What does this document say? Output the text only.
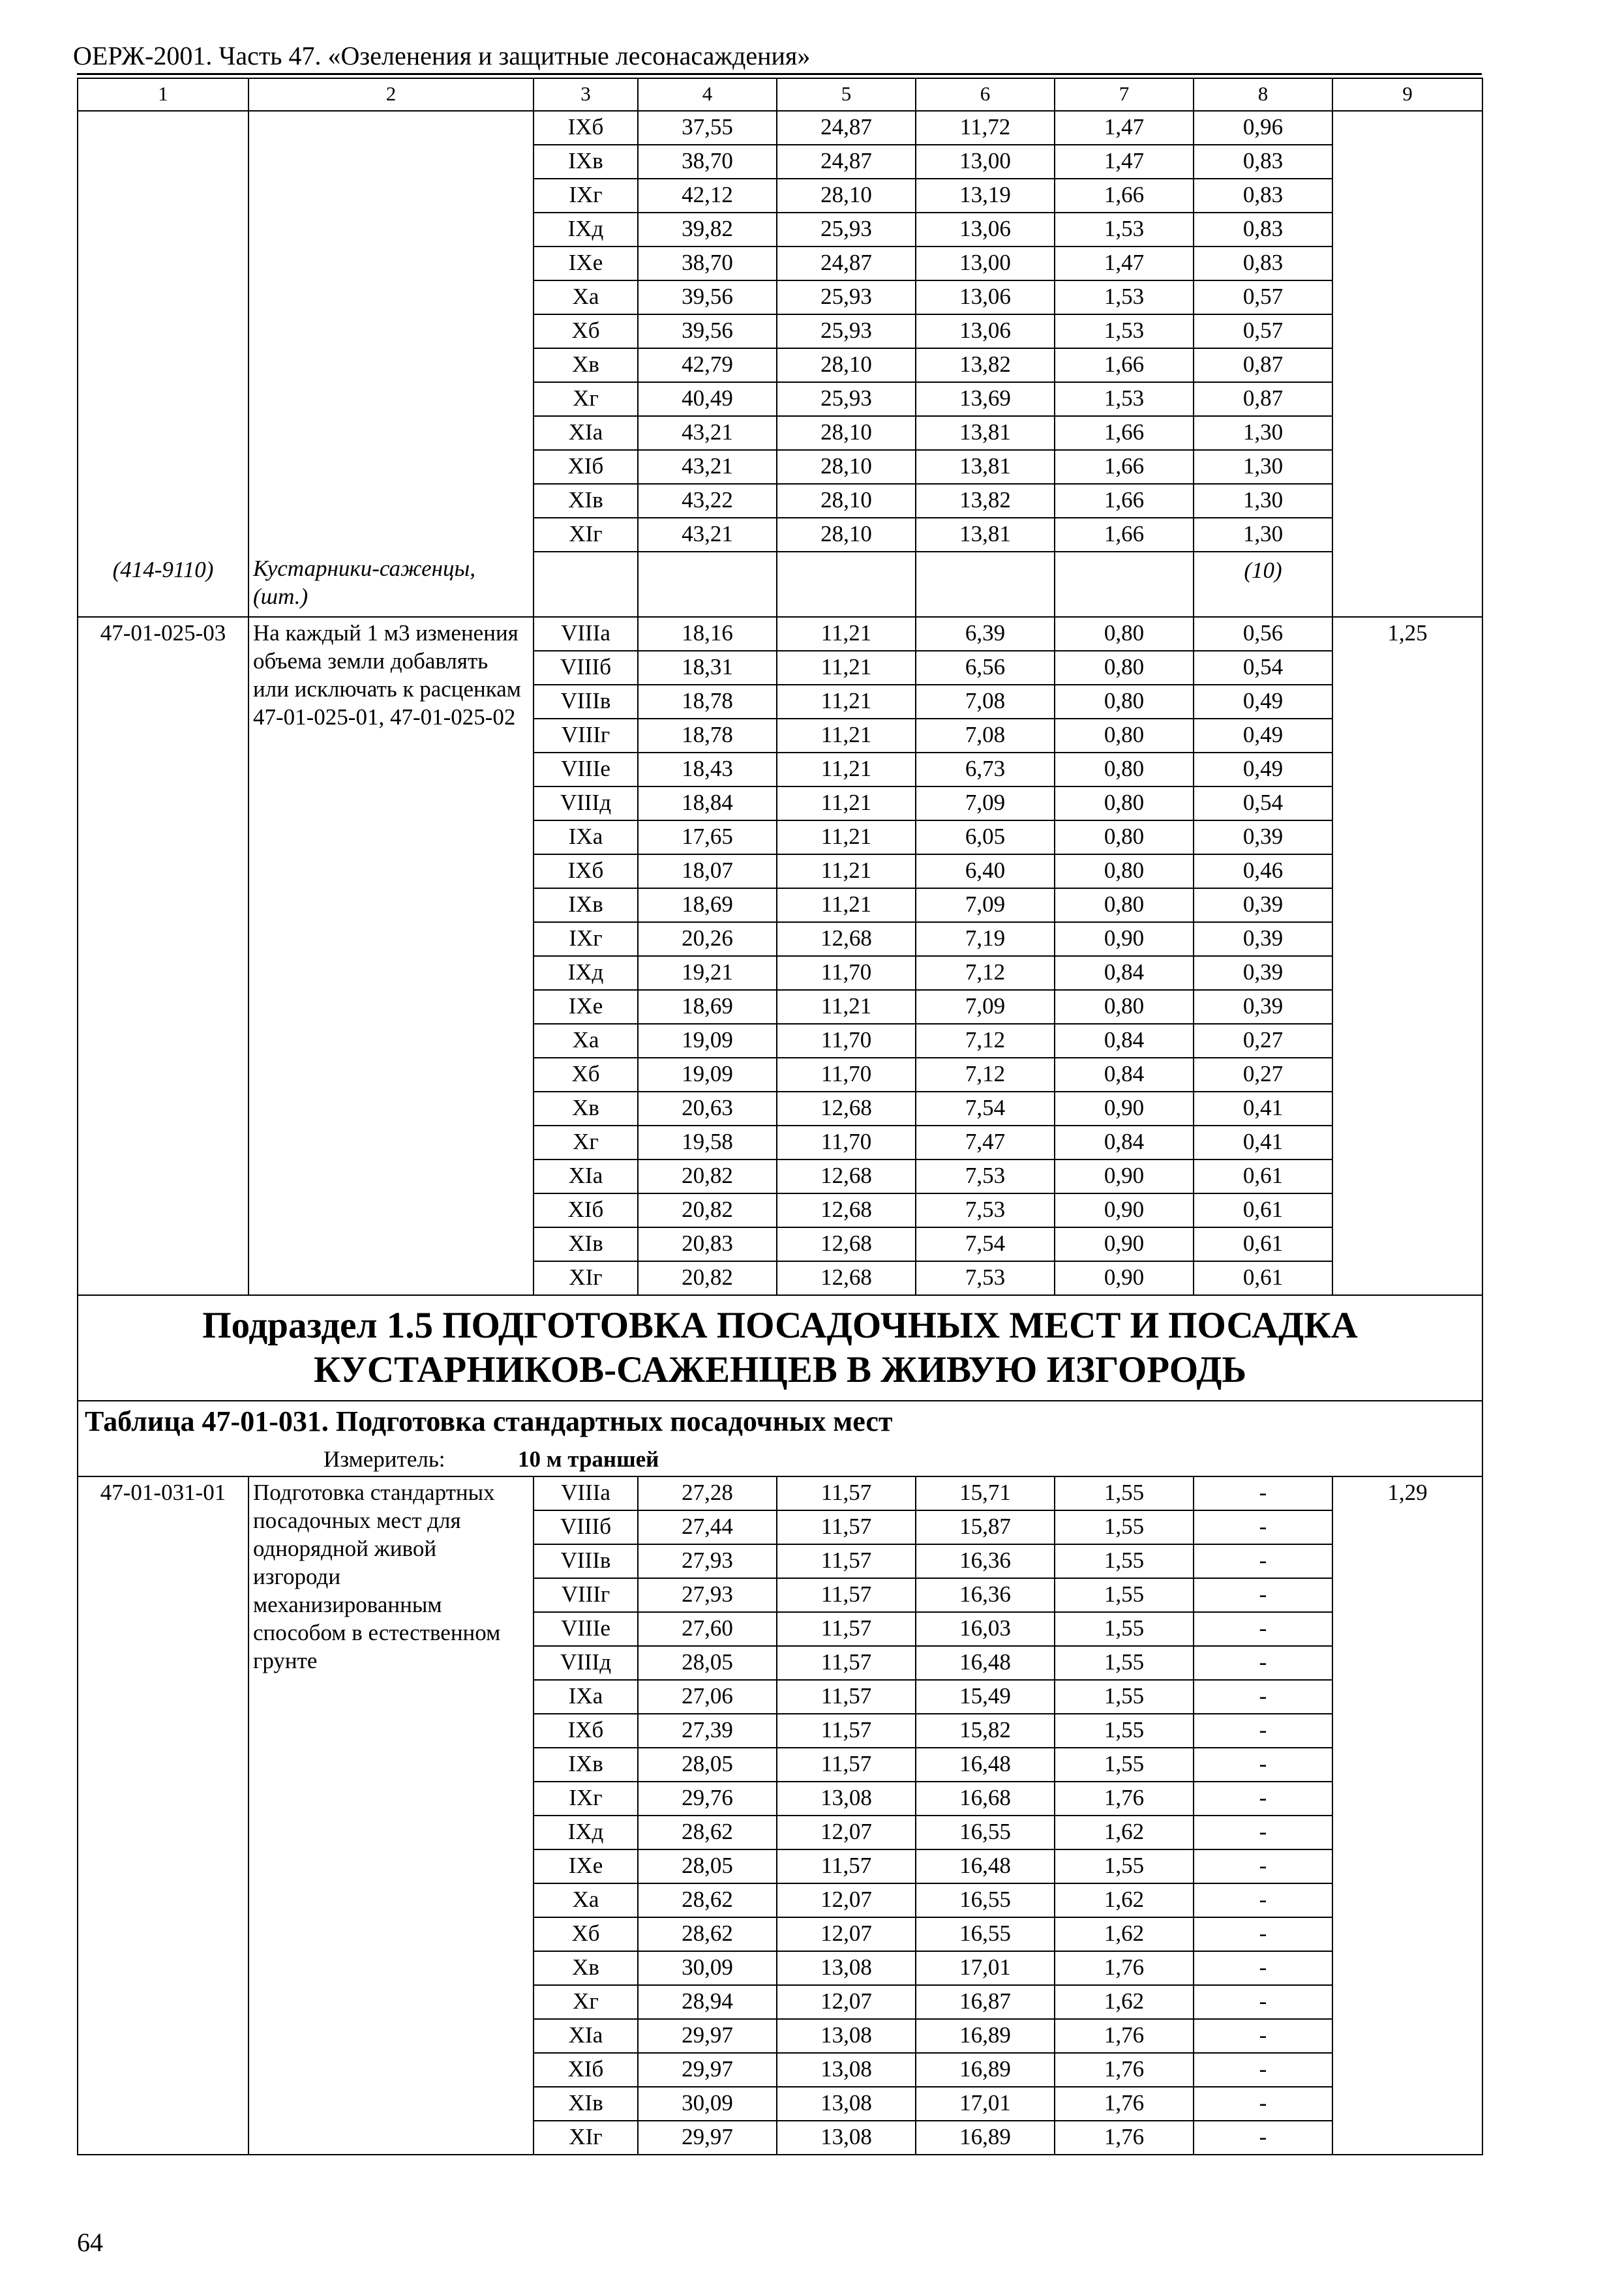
ОЕРЖ-2001. Часть 47. «Озеленения и защитные лесонасаждения»
1	2	3	4	5	6	7	8	9
		IXб	37,55	24,87	11,72	1,47	0,96	
		IXв	38,70	24,87	13,00	1,47	0,83	
		IXг	42,12	28,10	13,19	1,66	0,83	
		IXд	39,82	25,93	13,06	1,53	0,83	
		IXе	38,70	24,87	13,00	1,47	0,83	
		Xа	39,56	25,93	13,06	1,53	0,57	
		Xб	39,56	25,93	13,06	1,53	0,57	
		Xв	42,79	28,10	13,82	1,66	0,87	
		Xг	40,49	25,93	13,69	1,53	0,87	
		XIа	43,21	28,10	13,81	1,66	1,30	
		XIб	43,21	28,10	13,81	1,66	1,30	
		XIв	43,22	28,10	13,82	1,66	1,30	
		XIг	43,21	28,10	13,81	1,66	1,30	
(414-9110)	Кустарники-саженцы, (шт.)						(10)	
47-01-025-03	На каждый 1 м3 изменения объема земли добавлять или исключать к расценкам 47-01-025-01, 47-01-025-02	VIIIа	18,16	11,21	6,39	0,80	0,56	1,25
		VIIIб	18,31	11,21	6,56	0,80	0,54	
		VIIIв	18,78	11,21	7,08	0,80	0,49	
		VIIIг	18,78	11,21	7,08	0,80	0,49	
		VIIIе	18,43	11,21	6,73	0,80	0,49	
		VIIIд	18,84	11,21	7,09	0,80	0,54	
		IXа	17,65	11,21	6,05	0,80	0,39	
		IXб	18,07	11,21	6,40	0,80	0,46	
		IXв	18,69	11,21	7,09	0,80	0,39	
		IXг	20,26	12,68	7,19	0,90	0,39	
		IXд	19,21	11,70	7,12	0,84	0,39	
		IXе	18,69	11,21	7,09	0,80	0,39	
		Xа	19,09	11,70	7,12	0,84	0,27	
		Xб	19,09	11,70	7,12	0,84	0,27	
		Xв	20,63	12,68	7,54	0,90	0,41	
		Xг	19,58	11,70	7,47	0,84	0,41	
		XIа	20,82	12,68	7,53	0,90	0,61	
		XIб	20,82	12,68	7,53	0,90	0,61	
		XIв	20,83	12,68	7,54	0,90	0,61	
		XIг	20,82	12,68	7,53	0,90	0,61	

Подраздел 1.5 ПОДГОТОВКА ПОСАДОЧНЫХ МЕСТ И ПОСАДКА
КУСТАРНИКОВ-САЖЕНЦЕВ В ЖИВУЮ ИЗГОРОДЬ								

Таблица 47-01-031. Подготовка стандартных посадочных мест								
Измеритель: 10 м траншей								
47-01-031-01	Подготовка стандартных посадочных мест для однорядной живой изгороди механизированным способом в естественном грунте	VIIIа	27,28	11,57	15,71	1,55	-	1,29
		VIIIб	27,44	11,57	15,87	1,55	-	
		VIIIв	27,93	11,57	16,36	1,55	-	
		VIIIг	27,93	11,57	16,36	1,55	-	
		VIIIе	27,60	11,57	16,03	1,55	-	
		VIIIд	28,05	11,57	16,48	1,55	-	
		IXа	27,06	11,57	15,49	1,55	-	
		IXб	27,39	11,57	15,82	1,55	-	
		IXв	28,05	11,57	16,48	1,55	-	
		IXг	29,76	13,08	16,68	1,76	-	
		IXд	28,62	12,07	16,55	1,62	-	
		IXе	28,05	11,57	16,48	1,55	-	
		Xа	28,62	12,07	16,55	1,62	-	
		Xб	28,62	12,07	16,55	1,62	-	
		Xв	30,09	13,08	17,01	1,76	-	
		Xг	28,94	12,07	16,87	1,62	-	
		XIа	29,97	13,08	16,89	1,76	-	
		XIб	29,97	13,08	16,89	1,76	-	
		XIв	30,09	13,08	17,01	1,76	-	
		XIг	29,97	13,08	16,89	1,76	-	
64
